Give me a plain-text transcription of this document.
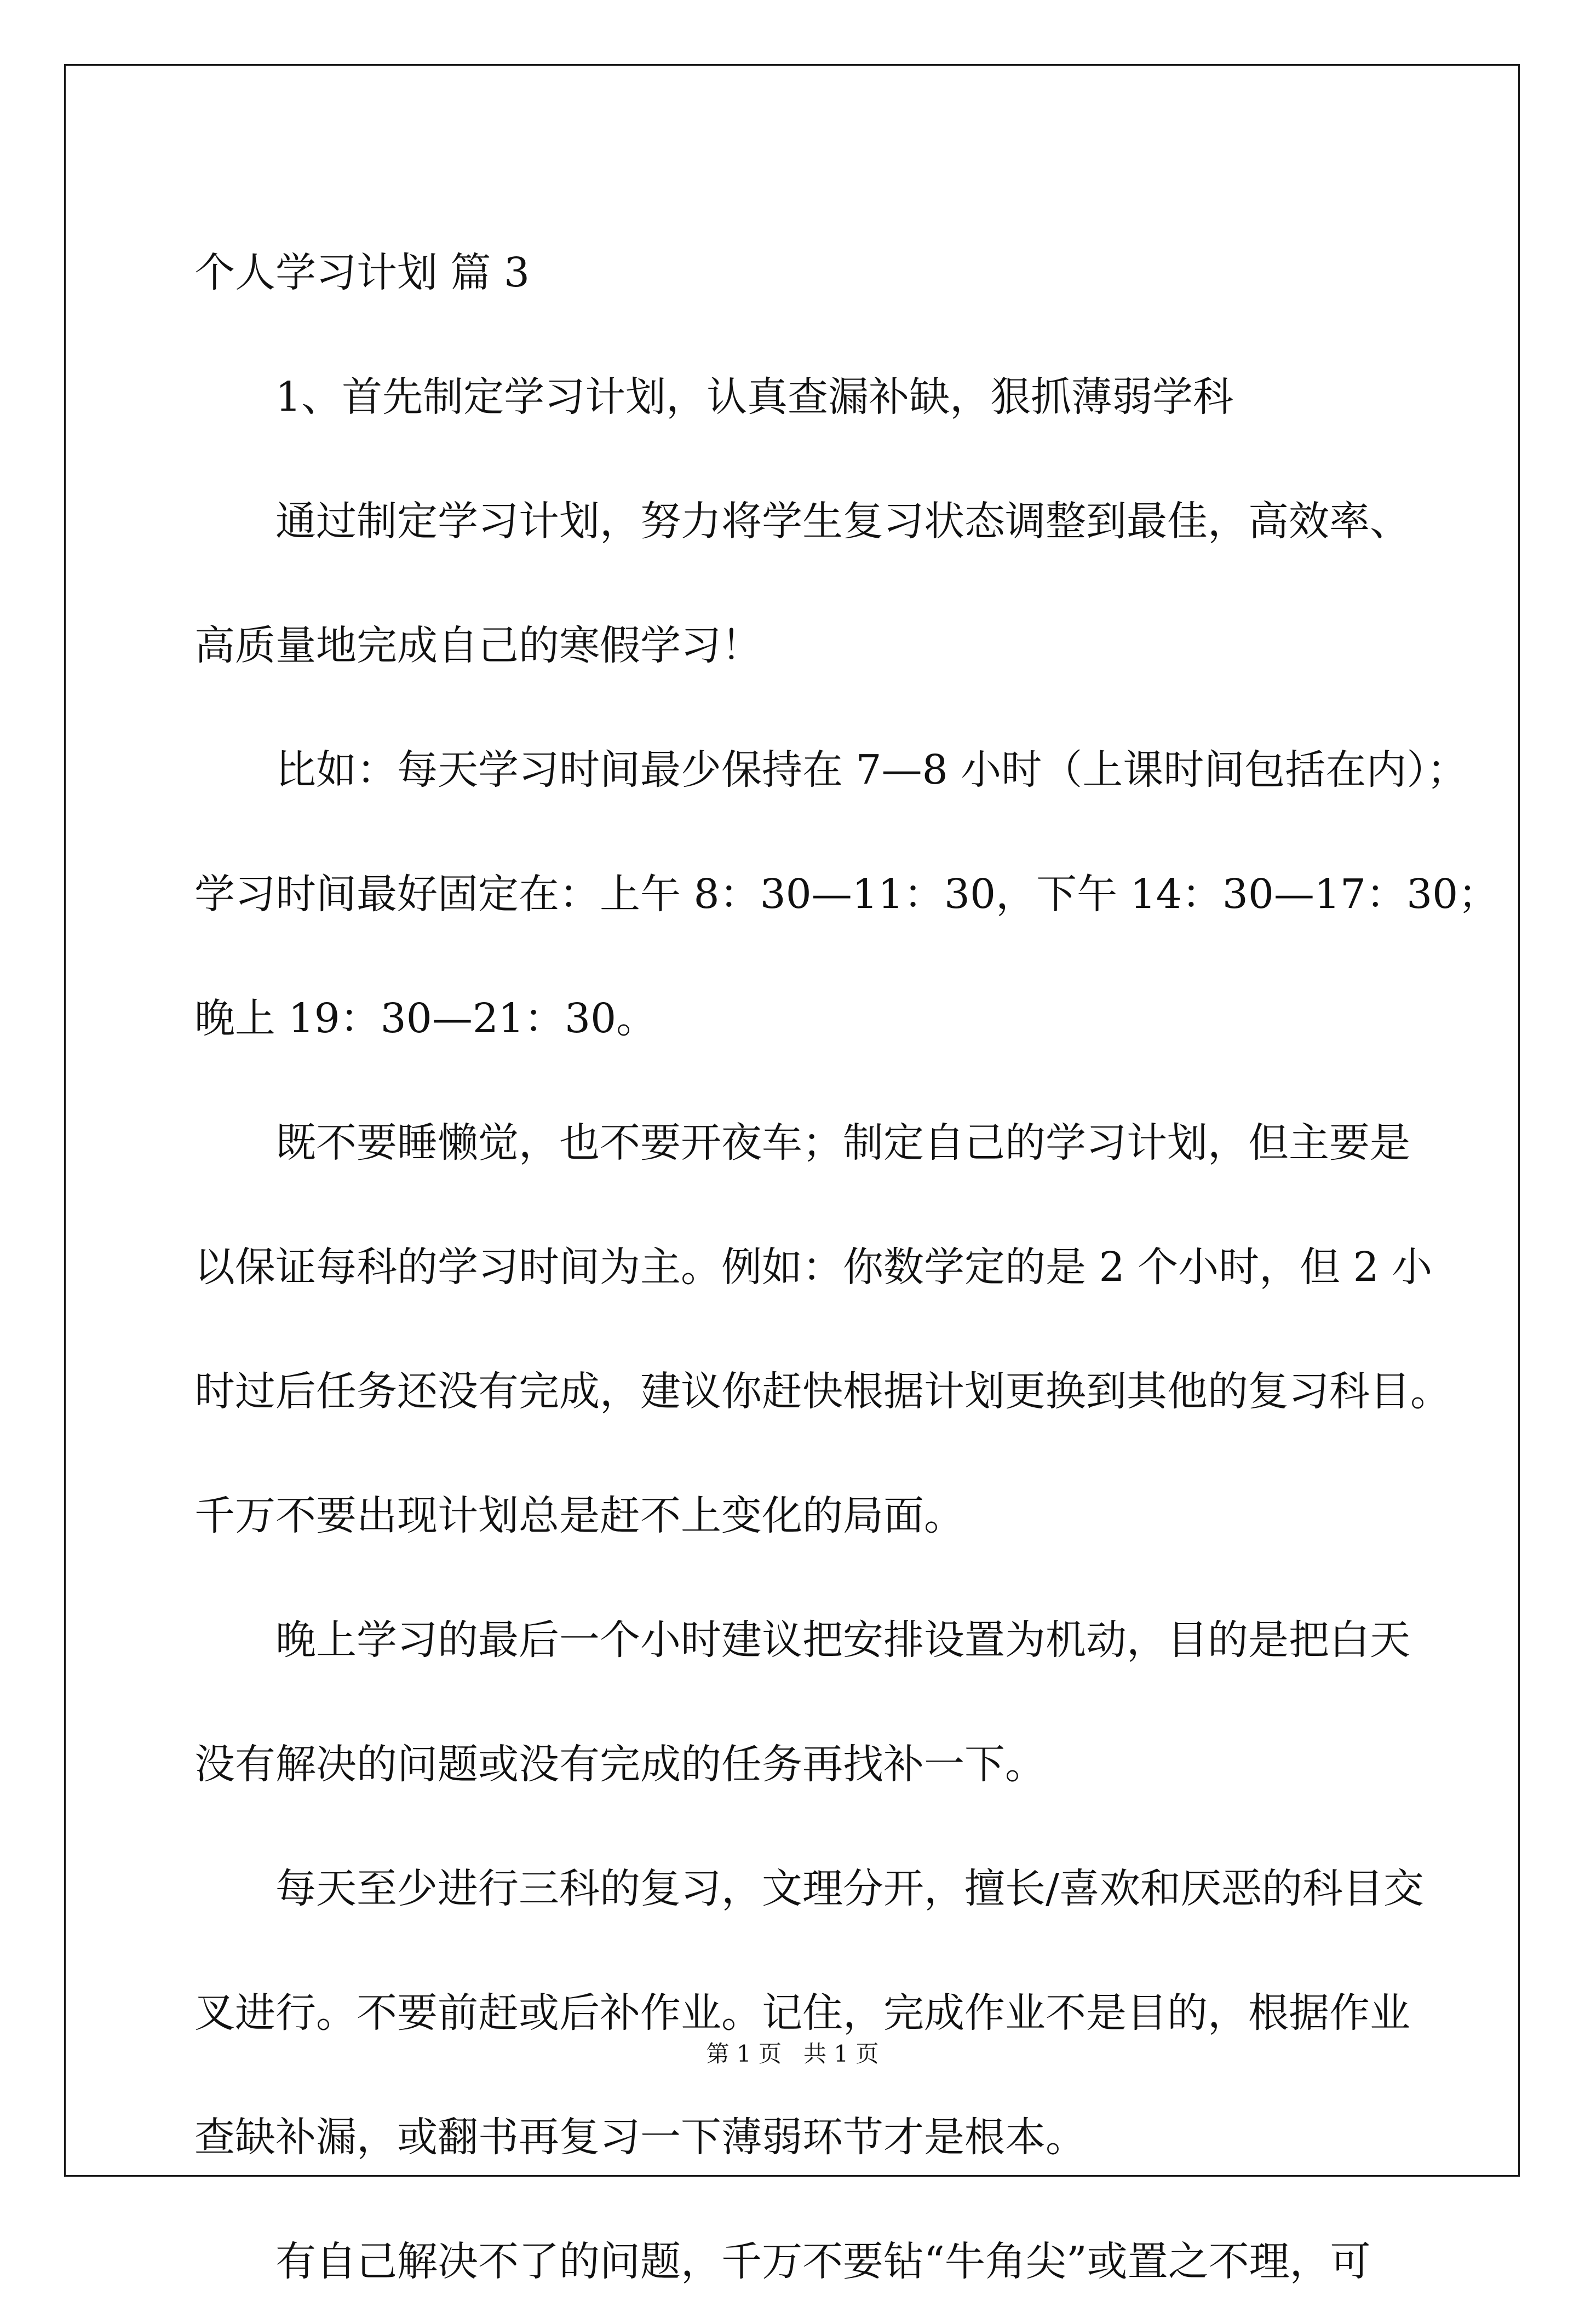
个人学习计划 篇 3

1、首先制定学习计划，认真查漏补缺，狠抓薄弱学科

通过制定学习计划，努力将学生复习状态调整到最佳，高效率、

高质量地完成自己的寒假学习！

比如：每天学习时间最少保持在 7—8 小时（上课时间包括在内）；

学习时间最好固定在：上午 8：30—11：30，下午 14：30—17：30；

晚上 19：30—21：30。

既不要睡懒觉，也不要开夜车；制定自己的学习计划，但主要是

以保证每科的学习时间为主。例如：你数学定的是 2 个小时，但 2 小

时过后任务还没有完成，建议你赶快根据计划更换到其他的复习科目。

千万不要出现计划总是赶不上变化的局面。

晚上学习的最后一个小时建议把安排设置为机动，目的是把白天

没有解决的问题或没有完成的任务再找补一下。

每天至少进行三科的复习，文理分开，擅长/喜欢和厌恶的科目交

叉进行。不要前赶或后补作业。记住，完成作业不是目的，根据作业

查缺补漏，或翻书再复习一下薄弱环节才是根本。

有自己解决不了的问题，千万不要钻“牛角尖”或置之不理，可

第 1 页   共 1 页
